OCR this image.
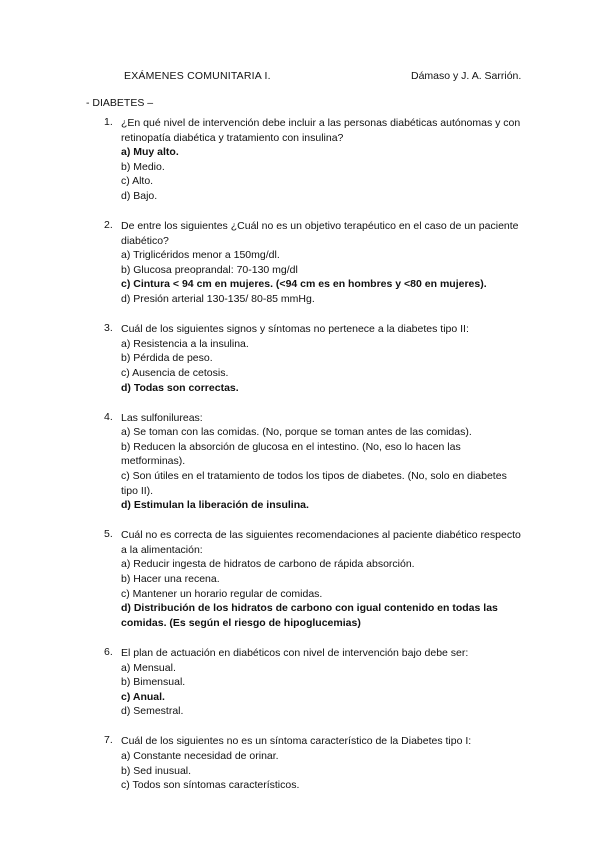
EXÁMENES COMUNITARIA I.	Dámaso y J. A. Sarrión.
- DIABETES –
1. ¿En qué nivel de intervención debe incluir a las personas diabéticas autónomas y con retinopatía diabética y tratamiento con insulina?
a) Muy alto.
b) Medio.
c) Alto.
d) Bajo.
2. De entre los siguientes ¿Cuál no es un objetivo terapéutico en el caso de un paciente diabético?
a) Triglicéridos menor a 150mg/dl.
b) Glucosa preoprandal: 70-130 mg/dl
c) Cintura < 94 cm en mujeres. (<94 cm es en hombres y <80 en mujeres).
d) Presión arterial 130-135/ 80-85 mmHg.
3. Cuál de los siguientes signos y síntomas no pertenece a la diabetes tipo II:
a) Resistencia a la insulina.
b) Pérdida de peso.
c) Ausencia de cetosis.
d) Todas son correctas.
4. Las sulfonilureas:
a) Se toman con las comidas. (No, porque se toman antes de las comidas).
b) Reducen la absorción de glucosa en el intestino. (No, eso lo hacen las metforminas).
c) Son útiles en el tratamiento de todos los tipos de diabetes. (No, solo en diabetes tipo II).
d) Estimulan la liberación de insulina.
5. Cuál no es correcta de las siguientes recomendaciones al paciente diabético respecto a la alimentación:
a) Reducir ingesta de hidratos de carbono de rápida absorción.
b) Hacer una recena.
c) Mantener un horario regular de comidas.
d) Distribución de los hidratos de carbono con igual contenido en todas las comidas. (Es según el riesgo de hipoglucemias)
6. El plan de actuación en diabéticos con nivel de intervención bajo debe ser:
a) Mensual.
b) Bimensual.
c) Anual.
d) Semestral.
7. Cuál de los siguientes no es un síntoma característico de la Diabetes tipo I:
a) Constante necesidad de orinar.
b) Sed inusual.
c) Todos son síntomas característicos.
